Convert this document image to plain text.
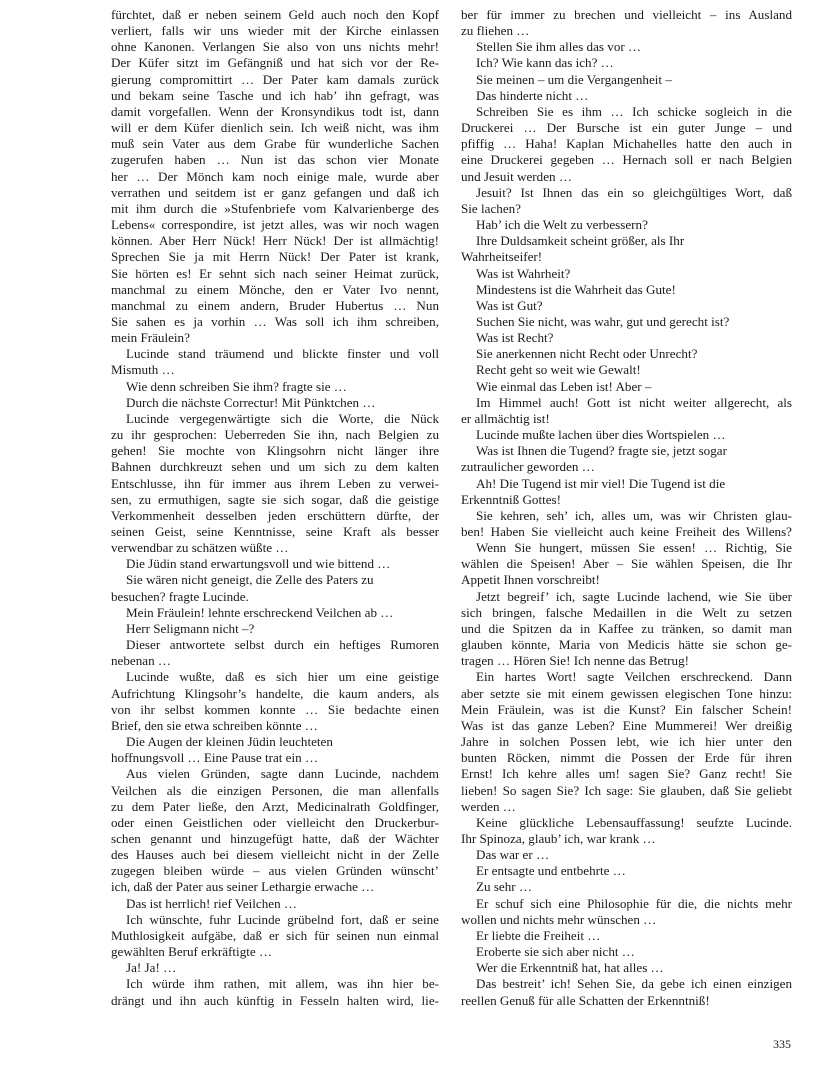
fürchtet, daß er neben seinem Geld auch noch den Kopf
verliert, falls wir uns wieder mit der Kirche einlassen
ohne Kanonen. Verlangen Sie also von uns nichts mehr!
Der Küfer sitzt im Gefängniß und hat sich vor der Re-
gierung compromittirt … Der Pater kam damals zurück
und bekam seine Tasche und ich hab’ ihn gefragt, was
damit vorgefallen. Wenn der Kronsyndikus todt ist, dann
will er dem Küfer dienlich sein. Ich weiß nicht, was ihm
muß sein Vater aus dem Grabe für wunderliche Sachen
zugerufen haben … Nun ist das schon vier Monate
her … Der Mönch kam noch einige male, wurde aber
verrathen und seitdem ist er ganz gefangen und daß ich
mit ihm durch die »Stufenbriefe vom Kalvarienberge des
Lebens« correspondire, ist jetzt alles, was wir noch wagen
können. Aber Herr Nück! Herr Nück! Der ist allmächtig!
Sprechen Sie ja mit Herrn Nück! Der Pater ist krank,
Sie hörten es! Er sehnt sich nach seiner Heimat zurück,
manchmal zu einem Mönche, den er Vater Ivo nennt,
manchmal zu einem andern, Bruder Hubertus … Nun
Sie sahen es ja vorhin … Was soll ich ihm schreiben,
mein Fräulein?
Lucinde stand träumend und blickte finster und voll
Mismuth …
Wie denn schreiben Sie ihm? fragte sie …
Durch die nächste Correctur! Mit Pünktchen …
Lucinde vergegenwärtigte sich die Worte, die Nück
zu ihr gesprochen: Ueberreden Sie ihn, nach Belgien zu
gehen! Sie mochte von Klingsohrn nicht länger ihre
Bahnen durchkreuzt sehen und um sich zu dem kalten
Entschlusse, ihn für immer aus ihrem Leben zu verwei-
sen, zu ermuthigen, sagte sie sich sogar, daß die geistige
Verkommenheit desselben jeden erschüttern dürfte, der
seinen Geist, seine Kenntnisse, seine Kraft als besser
verwendbar zu schätzen wüßte …
Die Jüdin stand erwartungsvoll und wie bittend …
Sie wären nicht geneigt, die Zelle des Paters zu
besuchen? fragte Lucinde.
Mein Fräulein! lehnte erschreckend Veilchen ab …
Herr Seligmann nicht –?
Dieser antwortete selbst durch ein heftiges Rumoren
nebenan …
Lucinde wußte, daß es sich hier um eine geistige
Aufrichtung Klingsohr’s handelte, die kaum anders, als
von ihr selbst kommen konnte … Sie bedachte einen
Brief, den sie etwa schreiben könnte …
Die Augen der kleinen Jüdin leuchteten
hoffnungsvoll … Eine Pause trat ein …
Aus vielen Gründen, sagte dann Lucinde, nachdem
Veilchen als die einzigen Personen, die man allenfalls
zu dem Pater ließe, den Arzt, Medicinalrath Goldfinger,
oder einen Geistlichen oder vielleicht den Druckerbur-
schen genannt und hinzugefügt hatte, daß der Wächter
des Hauses auch bei diesem vielleicht nicht in der Zelle
zugegen bleiben würde – aus vielen Gründen wünscht’
ich, daß der Pater aus seiner Lethargie erwache …
Das ist herrlich! rief Veilchen …
Ich wünschte, fuhr Lucinde grübelnd fort, daß er seine
Muthlosigkeit aufgäbe, daß er sich für seinen nun einmal
gewählten Beruf erkräftigte …
Ja! Ja! …
Ich würde ihm rathen, mit allem, was ihn hier be-
drängt und ihn auch künftig in Fesseln halten wird, lie-
ber für immer zu brechen und vielleicht – ins Ausland
zu fliehen …
Stellen Sie ihm alles das vor …
Ich? Wie kann das ich? …
Sie meinen – um die Vergangenheit –
Das hinderte nicht …
Schreiben Sie es ihm … Ich schicke sogleich in die
Druckerei … Der Bursche ist ein guter Junge – und
pfiffig … Haha! Kaplan Michahelles hatte den auch in
eine Druckerei gegeben … Hernach soll er nach Belgien
und Jesuit werden …
Jesuit? Ist Ihnen das ein so gleichgültiges Wort, daß
Sie lachen?
Hab’ ich die Welt zu verbessern?
Ihre Duldsamkeit scheint größer, als Ihr
Wahrheitseifer!
Was ist Wahrheit?
Mindestens ist die Wahrheit das Gute!
Was ist Gut?
Suchen Sie nicht, was wahr, gut und gerecht ist?
Was ist Recht?
Sie anerkennen nicht Recht oder Unrecht?
Recht geht so weit wie Gewalt!
Wie einmal das Leben ist! Aber –
Im Himmel auch! Gott ist nicht weiter allgerecht, als
er allmächtig ist!
Lucinde mußte lachen über dies Wortspielen …
Was ist Ihnen die Tugend? fragte sie, jetzt sogar
zutraulicher geworden …
Ah! Die Tugend ist mir viel! Die Tugend ist die
Erkenntniß Gottes!
Sie kehren, seh’ ich, alles um, was wir Christen glau-
ben! Haben Sie vielleicht auch keine Freiheit des Willens?
Wenn Sie hungert, müssen Sie essen! … Richtig, Sie
wählen die Speisen! Aber – Sie wählen Speisen, die Ihr
Appetit Ihnen vorschreibt!
Jetzt begreif’ ich, sagte Lucinde lachend, wie Sie über
sich bringen, falsche Medaillen in die Welt zu setzen
und die Spitzen da in Kaffee zu tränken, so damit man
glauben könnte, Maria von Medicis hätte sie schon ge-
tragen … Hören Sie! Ich nenne das Betrug!
Ein hartes Wort! sagte Veilchen erschreckend. Dann
aber setzte sie mit einem gewissen elegischen Tone hinzu:
Mein Fräulein, was ist die Kunst? Ein falscher Schein!
Was ist das ganze Leben? Eine Mummerei! Wer dreißig
Jahre in solchen Possen lebt, wie ich hier unter den
bunten Röcken, nimmt die Possen der Erde für ihren
Ernst! Ich kehre alles um! sagen Sie? Ganz recht! Sie
lieben! So sagen Sie? Ich sage: Sie glauben, daß Sie geliebt
werden …
Keine glückliche Lebensauffassung! seufzte Lucinde.
Ihr Spinoza, glaub’ ich, war krank …
Das war er …
Er entsagte und entbehrte …
Zu sehr …
Er schuf sich eine Philosophie für die, die nichts mehr
wollen und nichts mehr wünschen …
Er liebte die Freiheit …
Eroberte sie sich aber nicht …
Wer die Erkenntniß hat, hat alles …
Das bestreit’ ich! Sehen Sie, da gebe ich einen einzigen
reellen Genuß für alle Schatten der Erkenntniß!
335
